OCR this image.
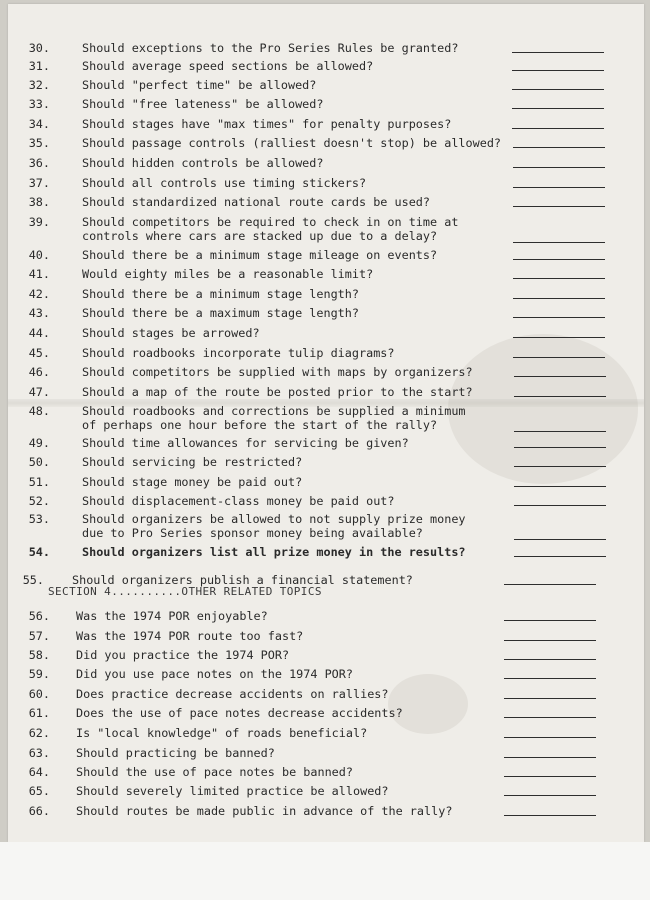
30.	Should exceptions to the Pro Series Rules be granted?
31.	Should average speed sections be allowed?
32.	Should "perfect time" be allowed?
33.	Should "free lateness" be allowed?
34.	Should stages have "max times" for penalty purposes?
35.	Should passage controls (ralliest doesn't stop) be allowed?
36.	Should hidden controls be allowed?
37.	Should all controls use timing stickers?
38.	Should standardized national route cards be used?
39.	Should competitors be required to check in on time at
controls where cars are stacked up due to a delay?
40.	Should there be a minimum stage mileage on events?
41.	Would eighty miles be a reasonable limit?
42.	Should there be a minimum stage length?
43.	Should there be a maximum stage length?
44.	Should stages be arrowed?
45.	Should roadbooks incorporate tulip diagrams?
46.	Should competitors be supplied with maps by organizers?
47.	Should a map of the route be posted prior to the start?
48.	Should roadbooks and corrections be supplied a minimum
of perhaps one hour before the start of the rally?
49.	Should time allowances for servicing be given?
50.	Should servicing be restricted?
51.	Should stage money be paid out?
52.	Should displacement-class money be paid out?
53.	Should organizers be allowed to not supply prize money
due to Pro Series sponsor money being available?
54.	Should organizers list all prize money in the results?
55. Should organizers publish a financial statement?
56. Was the 1974 POR enjoyable?
57. Was the 1974 POR route too fast?
58. Did you practice the 1974 POR?
59. Did you use pace notes on the 1974 POR?
60. Does practice decrease accidents on rallies?
61. Does the use of pace notes decrease accidents?
62. Is "local knowledge" of roads beneficial?
63. Should practicing be banned?
64. Should the use of pace notes be banned?
65. Should severely limited practice be allowed?
66. Should routes be made public in advance of the rally?
SECTION 4..........OTHER RELATED TOPICS
